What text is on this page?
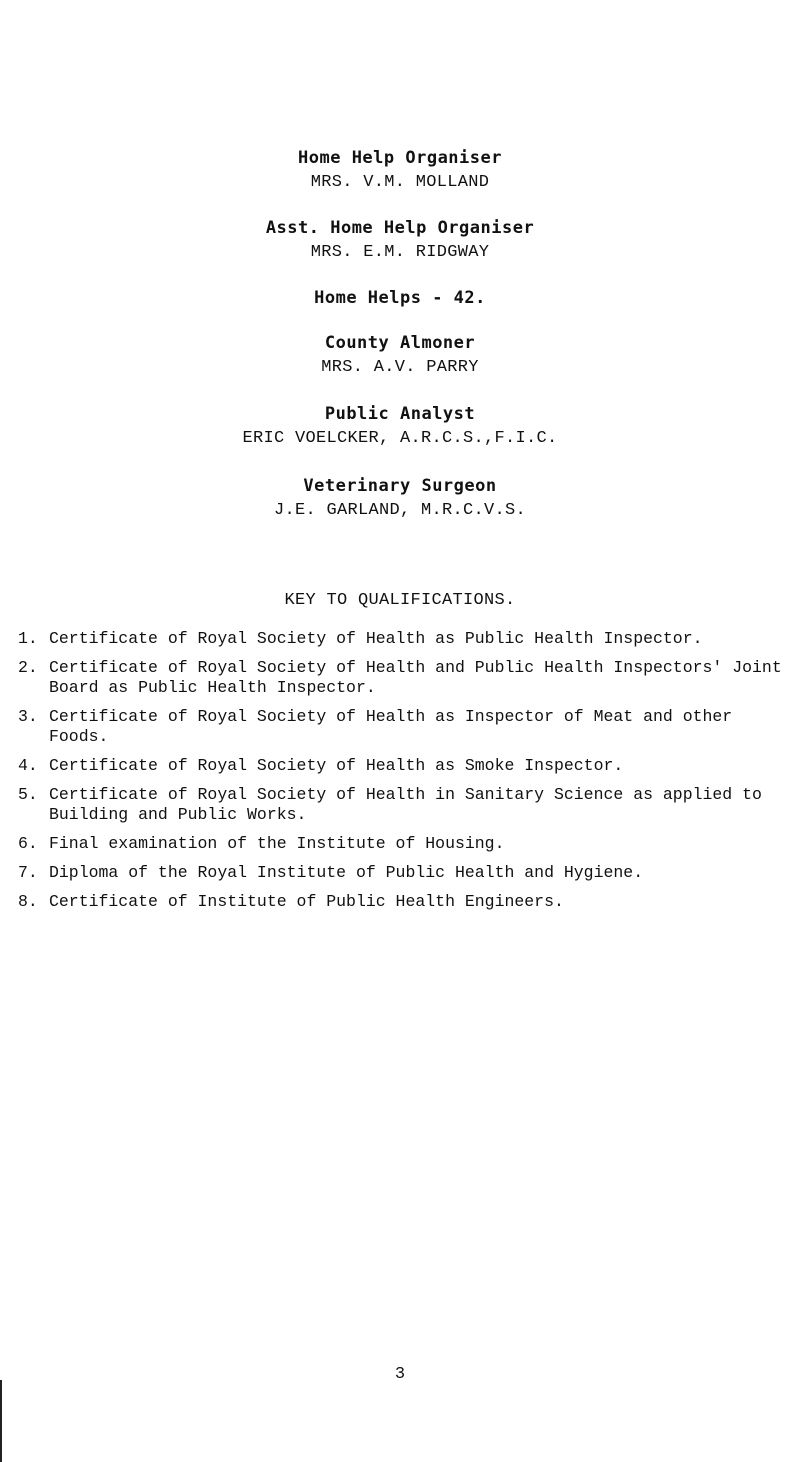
Home Help Organiser
MRS. V.M. MOLLAND
Asst. Home Help Organiser
MRS. E.M. RIDGWAY
Home Helps - 42.
County Almoner
MRS. A.V. PARRY
Public Analyst
ERIC VOELCKER, A.R.C.S.,F.I.C.
Veterinary Surgeon
J.E. GARLAND, M.R.C.V.S.
KEY TO QUALIFICATIONS.
1. Certificate of Royal Society of Health as Public Health Inspector.
2. Certificate of Royal Society of Health and Public Health Inspectors' Joint Board as Public Health Inspector.
3. Certificate of Royal Society of Health as Inspector of Meat and other Foods.
4. Certificate of Royal Society of Health as Smoke Inspector.
5. Certificate of Royal Society of Health in Sanitary Science as applied to Building and Public Works.
6. Final examination of the Institute of Housing.
7. Diploma of the Royal Institute of Public Health and Hygiene.
8. Certificate of Institute of Public Health Engineers.
3
